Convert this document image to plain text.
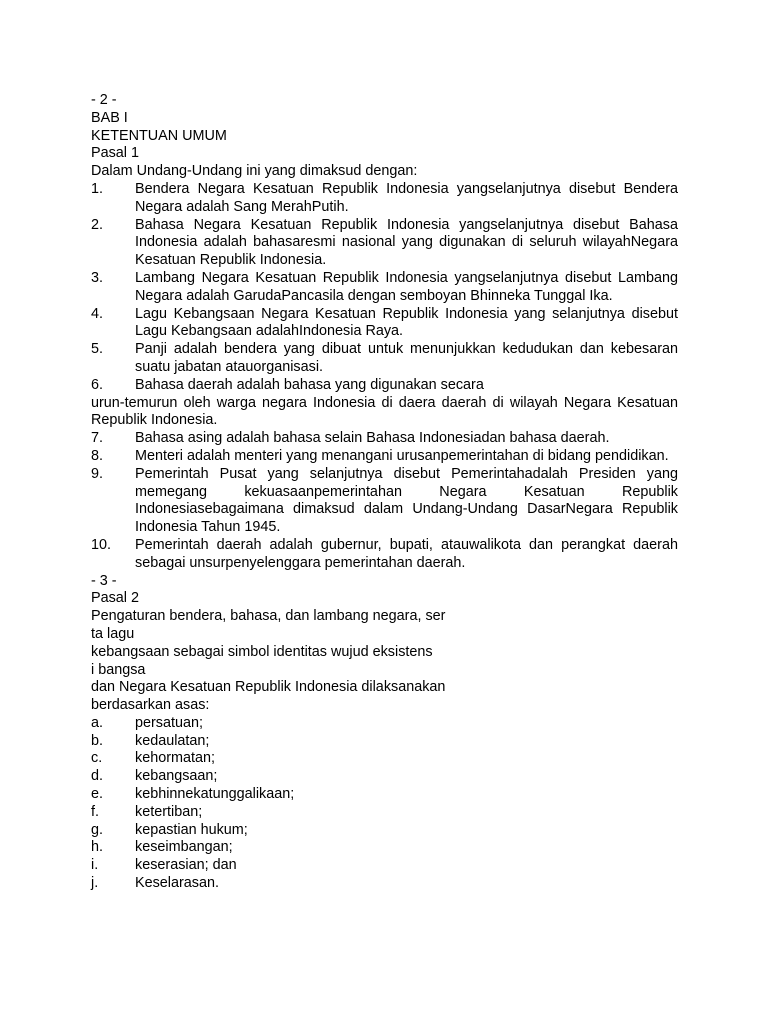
- 2 -
BAB I
KETENTUAN UMUM
Pasal 1
Dalam Undang-Undang ini yang dimaksud dengan:
1. Bendera Negara Kesatuan Republik Indonesia yangselanjutnya disebut Bendera Negara adalah Sang MerahPutih.
2. Bahasa Negara Kesatuan Republik Indonesia yangselanjutnya disebut Bahasa Indonesia adalah bahasaresmi nasional yang digunakan di seluruh wilayahNegara Kesatuan Republik Indonesia.
3. Lambang Negara Kesatuan Republik Indonesia yangselanjutnya disebut Lambang Negara adalah GarudaPancasila dengan semboyan Bhinneka Tunggal Ika.
4. Lagu Kebangsaan Negara Kesatuan Republik Indonesia yang selanjutnya disebut Lagu Kebangsaan adalahIndonesia Raya.
5. Panji adalah bendera yang dibuat untuk menunjukkan kedudukan dan kebesaran suatu jabatan atauorganisasi.
6. Bahasa daerah adalah bahasa yang digunakan secara
urun-temurun oleh warga negara Indonesia di daera daerah di wilayah Negara Kesatuan Republik Indonesia.
7. Bahasa asing adalah bahasa selain Bahasa Indonesiadan bahasa daerah.
8. Menteri adalah menteri yang menangani urusanpemerintahan di bidang pendidikan.
9. Pemerintah Pusat yang selanjutnya disebut Pemerintahadalah Presiden yang memegang kekuasaanpemerintahan Negara Kesatuan Republik Indonesiasebagaimana dimaksud dalam Undang-Undang DasarNegara Republik Indonesia Tahun 1945.
10. Pemerintah daerah adalah gubernur, bupati, atauwalikota dan perangkat daerah sebagai unsurpenyelenggara pemerintahan daerah.
- 3 -
Pasal 2
Pengaturan bendera, bahasa, dan lambang negara, ser
ta lagu
kebangsaan sebagai simbol identitas wujud eksistens
i bangsa
dan Negara Kesatuan Republik Indonesia dilaksanakan
berdasarkan asas:
a. persatuan;
b. kedaulatan;
c. kehormatan;
d. kebangsaan;
e. kebhinnekatunggalikaan;
f.	ketertiban;
g. kepastian hukum;
h. keseimbangan;
i.	keserasian; dan
j.	Keselarasan.
